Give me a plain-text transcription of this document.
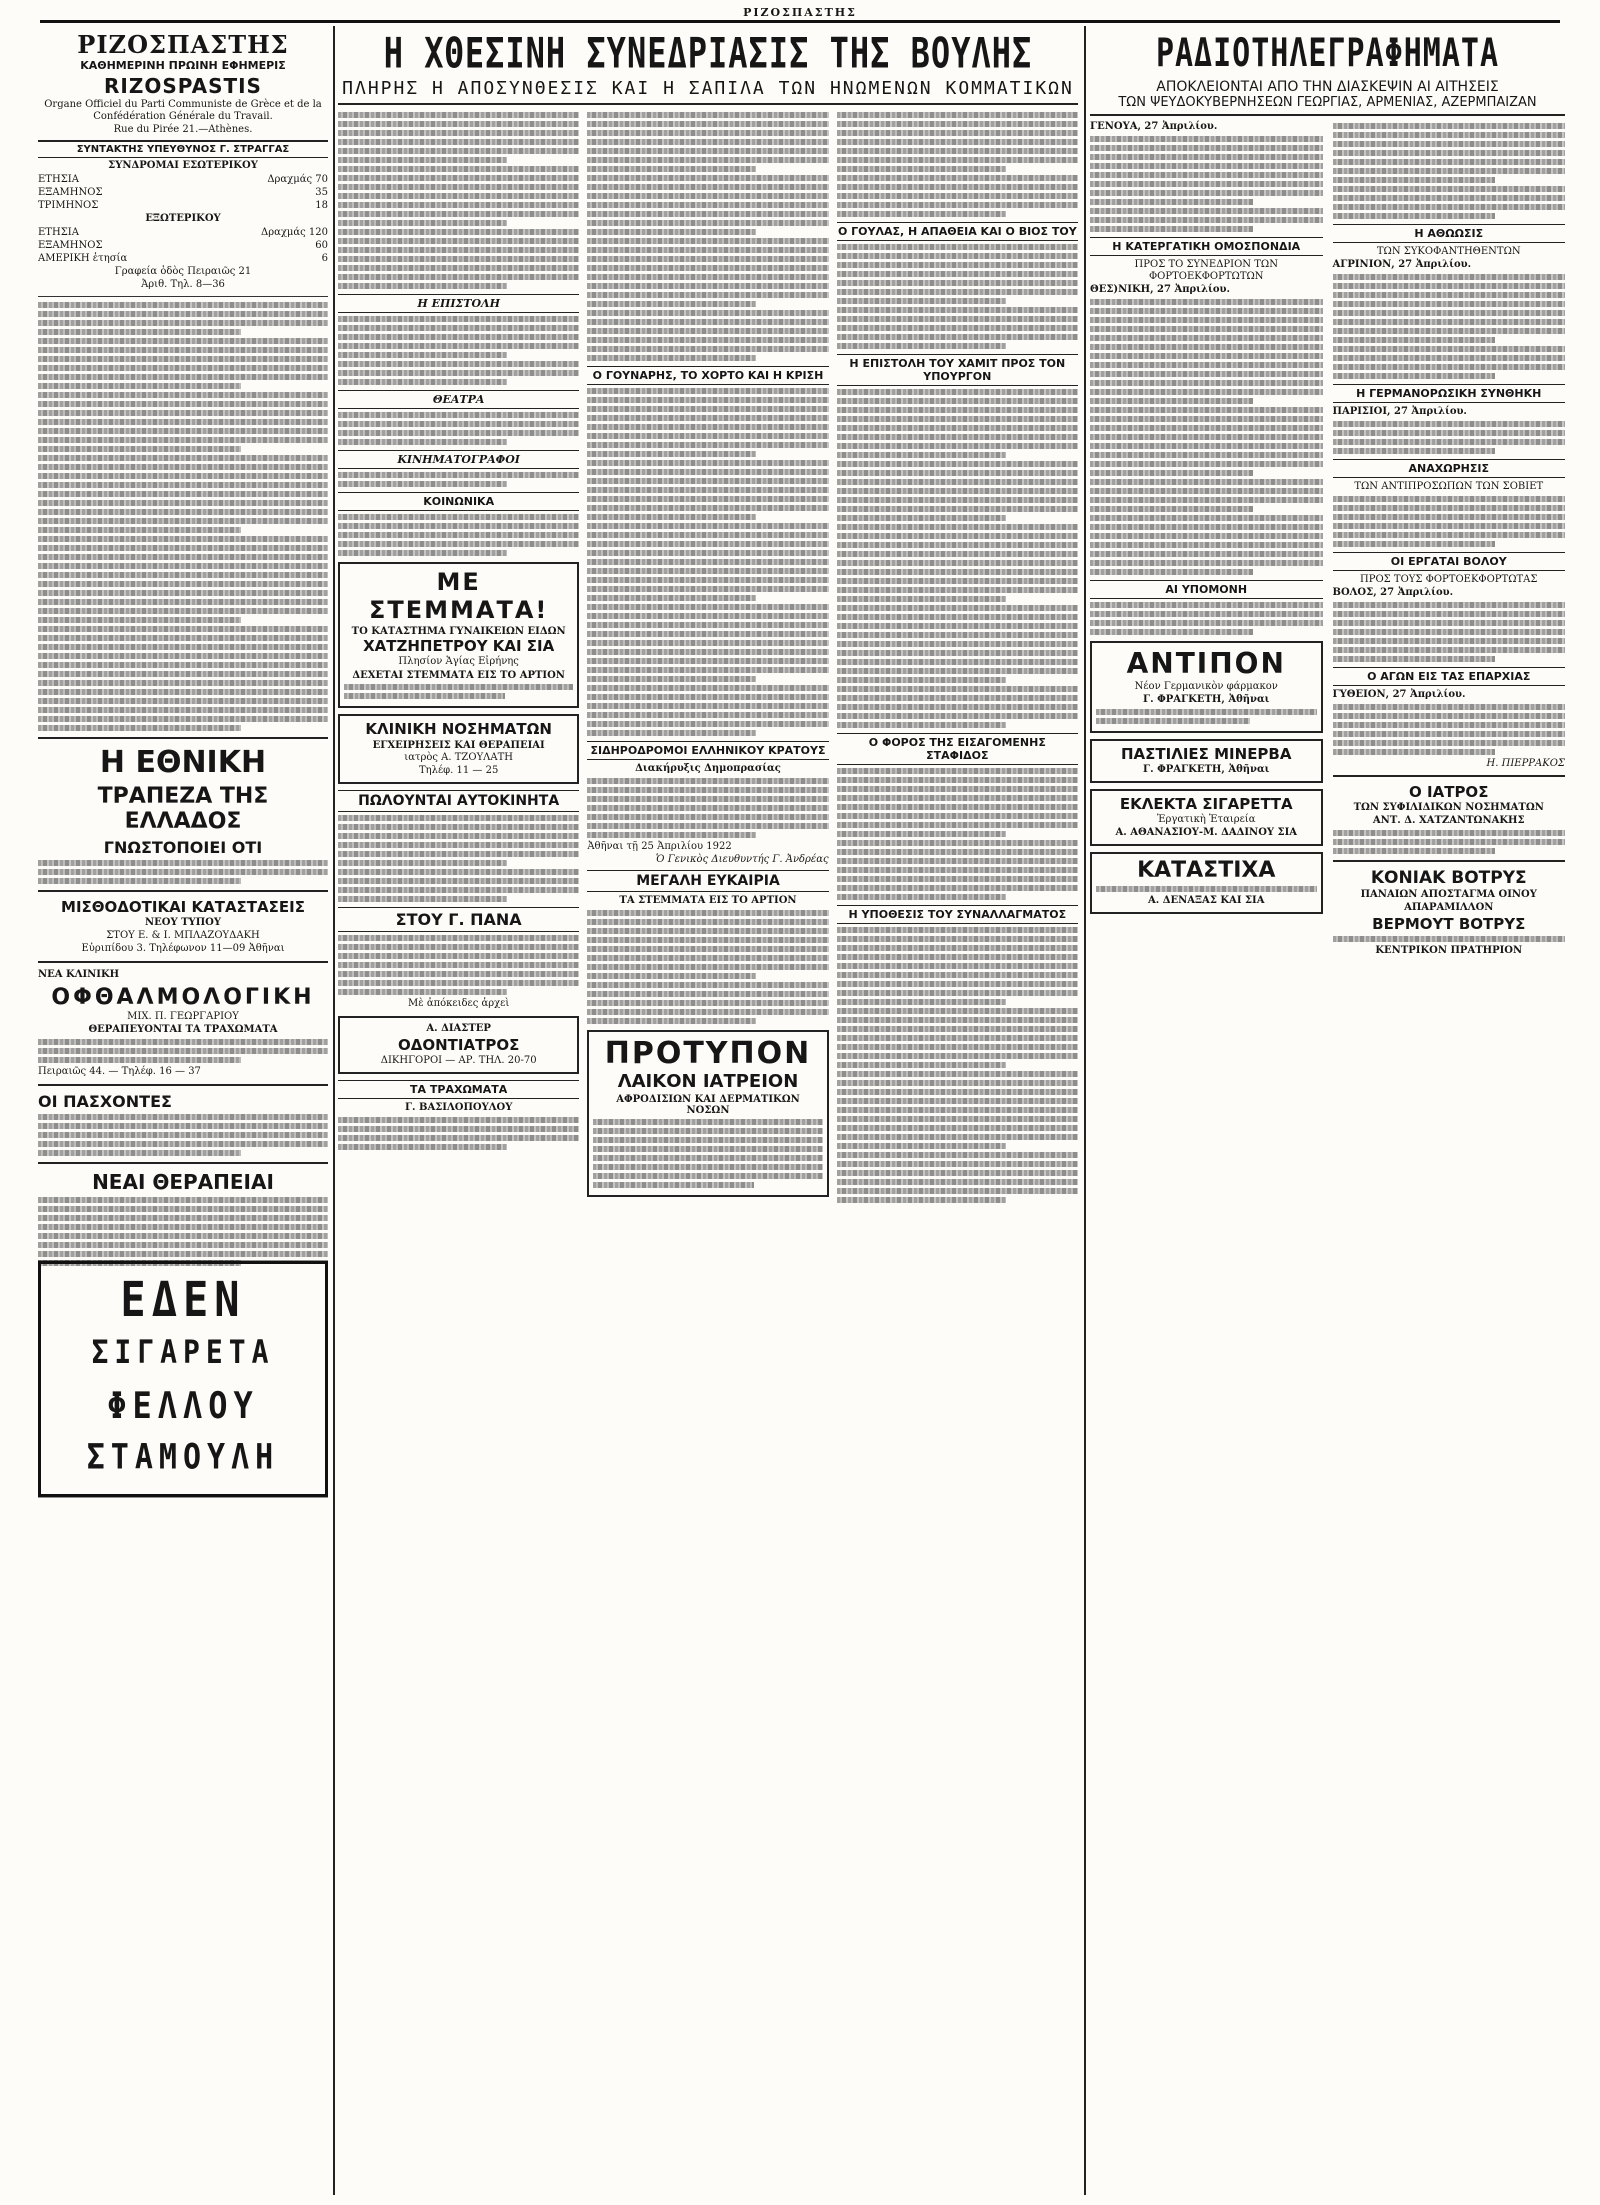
ΡΙΖΟΣΠΑΣΤΗΣ
ΡΙΖΟΣΠΑΣΤΗΣ
ΚΑΘΗΜΕΡΙΝΗ ΠΡΩΙΝΗ ΕΦΗΜΕΡΙΣ
RIZOSPASTIS
Organe Officiel du Parti Communiste de Grèce et de la Confédération Générale du Travail.
Rue du Pirée 21.—Athènes.
ΣΥΝΤΑΚΤΗΣ ΥΠΕΥΘΥΝΟΣ Γ. ΣΤΡΑΓΓΑΣ
ΣΥΝΔΡΟΜΑΙ ΕΣΩΤΕΡΙΚΟΥ
ΕΤΗΣΙΑ	Δραχμάς 70
ΕΞΑΜΗΝΟΣ	35
ΤΡΙΜΗΝΟΣ	18
ΕΞΩΤΕΡΙΚΟΥ
ΕΤΗΣΙΑ	Δραχμάς 120
ΕΞΑΜΗΝΟΣ	60
ΑΜΕΡΙΚΗ ἐτησία	6
Γραφεία ὁδὸς Πειραιῶς 21
Ἀριθ. Τηλ. 8—36
Η ΕΘΝΙΚΗ
ΤΡΑΠΕΖΑ ΤΗΣ ΕΛΛΑΔΟΣ
ΓΝΩΣΤΟΠΟΙΕΙ ΟΤΙ
ΜΙΣΘΟΔΟΤΙΚΑΙ ΚΑΤΑΣΤΑΣΕΙΣ
ΝΕΟΥ ΤΥΠΟΥ
ΣΤΟΥ Ε. & Ι. ΜΠΛΑΖΟΥΔΑΚΗ
Εὐριπίδου 3. Τηλέφωνον 11—09 Ἀθῆναι
ΝΕΑ ΚΛΙΝΙΚΗ
ΟΦΘΑΛΜΟΛΟΓΙΚΗ
ΜΙΧ. Π. ΓΕΩΡΓΑΡΙΟΥ
ΘΕΡΑΠΕΥΟΝΤΑΙ ΤΑ ΤΡΑΧΩΜΑΤΑ
Πειραιῶς 44. — Τηλέφ. 16 — 37
ΟΙ ΠΑΣΧΟΝΤΕΣ
ΝΕΑΙ ΘΕΡΑΠΕΙΑΙ
ΕΔΕΝ
ΣΙΓΑΡΕΤΑ
ΦΕΛΛΟΥ
ΣΤΑΜΟΥΛΗ
Η ΧΘΕΣΙΝΗ ΣΥΝΕΔΡΙΑΣΙΣ ΤΗΣ ΒΟΥΛΗΣ
ΠΛΗΡΗΣ Η ΑΠΟΣΥΝΘΕΣΙΣ ΚΑΙ Η ΣΑΠΙΛΑ ΤΩΝ ΗΝΩΜΕΝΩΝ ΚΟΜΜΑΤΙΚΩΝ
Η ΕΠΙΣΤΟΛΗ
ΘΕΑΤΡΑ
ΚΙΝΗΜΑΤΟΓΡΑΦΟΙ
ΚΟΙΝΩΝΙΚΑ
ΜΕ ΣΤΕΜΜΑΤΑ!
ΤΟ ΚΑΤΑΣΤΗΜΑ ΓΥΝΑΙΚΕΙΩΝ ΕΙΔΩΝ
ΧΑΤΖΗΠΕΤΡΟΥ ΚΑΙ ΣΙΑ
Πλησίον Ἁγίας Εἰρήνης
ΔΕΧΕΤΑΙ ΣΤΕΜΜΑΤΑ ΕΙΣ ΤΟ ΑΡΤΙΟΝ
ΚΛΙΝΙΚΗ ΝΟΣΗΜΑΤΩΝ
ΕΓΧΕΙΡΗΣΕΙΣ ΚΑΙ ΘΕΡΑΠΕΙΑΙ
ιατρὸς Α. ΤΖΟΥΛΑΤΗ
Τηλέφ. 11 — 25
ΠΩΛΟΥΝΤΑΙ ΑΥΤΟΚΙΝΗΤΑ
ΣΤΟΥ Γ. ΠΑΝΑ
Μὲ ἀπόκειδες ἀρχεὶ
Α. ΔΙΑΣΤΕΡ
ΟΔΟΝΤΙΑΤΡΟΣ
ΔΙΚΗΓΟΡΟΙ — ΑΡ. ΤΗΛ. 20-70
ΤΑ ΤΡΑΧΩΜΑΤΑ
Γ. ΒΑΣΙΛΟΠΟΥΛΟΥ
Ο ΓΟΥΝΑΡΗΣ, ΤΟ ΧΟΡΤΟ ΚΑΙ Η ΚΡΙΣΗ
ΣΙΔΗΡΟΔΡΟΜΟΙ ΕΛΛΗΝΙΚΟΥ ΚΡΑΤΟΥΣ
Διακήρυξις Δημοπρασίας
Ἀθῆναι τῇ 25 Ἀπριλίου 1922
Ὁ Γενικὸς Διευθυντής Γ. Ἀνδρέας
ΜΕΓΑΛΗ ΕΥΚΑΙΡΙΑ
ΤΑ ΣΤΕΜΜΑΤΑ ΕΙΣ ΤΟ ΑΡΤΙΟΝ
ΠΡΟΤΥΠΟΝ
ΛΑΙΚΟΝ ΙΑΤΡΕΙΟΝ
ΑΦΡΟΔΙΣΙΩΝ ΚΑΙ ΔΕΡΜΑΤΙΚΩΝ ΝΟΣΩΝ
Ο ΓΟΥΛΑΣ, Η ΑΠΑΘΕΙΑ ΚΑΙ Ο ΒΙΟΣ ΤΟΥ
Η ΕΠΙΣΤΟΛΗ ΤΟΥ ΧΑΜΙΤ ΠΡΟΣ ΤΟΝ ΥΠΟΥΡΓΟΝ
Ο ΦΟΡΟΣ ΤΗΣ ΕΙΣΑΓΟΜΕΝΗΣ ΣΤΑΦΙΔΟΣ
Η ΥΠΟΘΕΣΙΣ ΤΟΥ ΣΥΝΑΛΛΑΓΜΑΤΟΣ
ΡΑΔΙΟΤΗΛΕΓΡΑΦΗΜΑΤΑ
ΑΠΟΚΛΕΙΟΝΤΑΙ ΑΠΟ ΤΗΝ ΔΙΑΣΚΕΨΙΝ ΑΙ ΑΙΤΗΣΕΙΣ
ΤΩΝ ΨΕΥΔΟΚΥΒΕΡΝΗΣΕΩΝ ΓΕΩΡΓΙΑΣ, ΑΡΜΕΝΙΑΣ, ΑΖΕΡΜΠΑΙΖΑΝ
ΓΕΝΟΥΑ, 27 Ἀπριλίου.
Η ΚΑΤΕΡΓΑΤΙΚΗ ΟΜΟΣΠΟΝΔΙΑ
ΠΡΟΣ ΤΟ ΣΥΝΕΔΡΙΟΝ ΤΩΝ ΦΟΡΤΟΕΚΦΟΡΤΩΤΩΝ
ΘΕΣ)ΝΙΚΗ, 27 Ἀπριλίου.
ΑΙ ΥΠΟΜΟΝΗ
ΑΝΤΙΠΟΝ
Νέον Γερμανικὸν φάρμακον
Γ. ΦΡΑΓΚΕΤΗ, Ἀθῆναι
ΠΑΣΤΙΛΙΕΣ ΜΙΝΕΡΒΑ
Γ. ΦΡΑΓΚΕΤΗ, Ἀθῆναι
ΕΚΛΕΚΤΑ ΣΙΓΑΡΕΤΤΑ
Ἐργατικὴ Ἐταιρεία
Α. ΑΘΑΝΑΣΙΟΥ-Μ. ΔΑΔΙΝΟΥ ΣΙΑ
ΚΑΤΑΣΤΙΧΑ
Α. ΔΕΝΑΞΑΣ ΚΑΙ ΣΙΑ
Η ΑΘΩΩΣΙΣ
ΤΩΝ ΣΥΚΟΦΑΝΤΗΘΕΝΤΩΝ
ΑΓΡΙΝΙΟΝ, 27 Ἀπριλίου.
Η ΓΕΡΜΑΝΟΡΩΣΙΚΗ ΣΥΝΘΗΚΗ
ΠΑΡΙΣΙΟΙ, 27 Ἀπριλίου.
ΑΝΑΧΩΡΗΣΙΣ
ΤΩΝ ΑΝΤΙΠΡΟΣΩΠΩΝ ΤΩΝ ΣΟΒΙΕΤ
ΟΙ ΕΡΓΑΤΑΙ ΒΟΛΟΥ
ΠΡΟΣ ΤΟΥΣ ΦΟΡΤΟΕΚΦΟΡΤΩΤΑΣ
ΒΟΛΟΣ, 27 Ἀπριλίου.
Ο ΑΓΩΝ ΕΙΣ ΤΑΣ ΕΠΑΡΧΙΑΣ
ΓΥΘΕΙΟΝ, 27 Ἀπριλίου.
Η. ΠΙΕΡΡΑΚΟΣ
Ο ΙΑΤΡΟΣ
ΤΩΝ ΣΥΦΙΛΙΔΙΚΩΝ ΝΟΣΗΜΑΤΩΝ
ΑΝΤ. Δ. ΧΑΤΖΑΝΤΩΝΑΚΗΣ
ΚΟΝΙΑΚ ΒΟΤΡΥΣ
ΠΑΝΑΙΩΝ ΑΠΟΣΤΑΓΜΑ ΟΙΝΟΥ
ΑΠΑΡΑΜΙΛΛΟΝ
ΒΕΡΜΟΥΤ ΒΟΤΡΥΣ
ΚΕΝΤΡΙΚΟΝ ΠΡΑΤΗΡΙΟΝ
